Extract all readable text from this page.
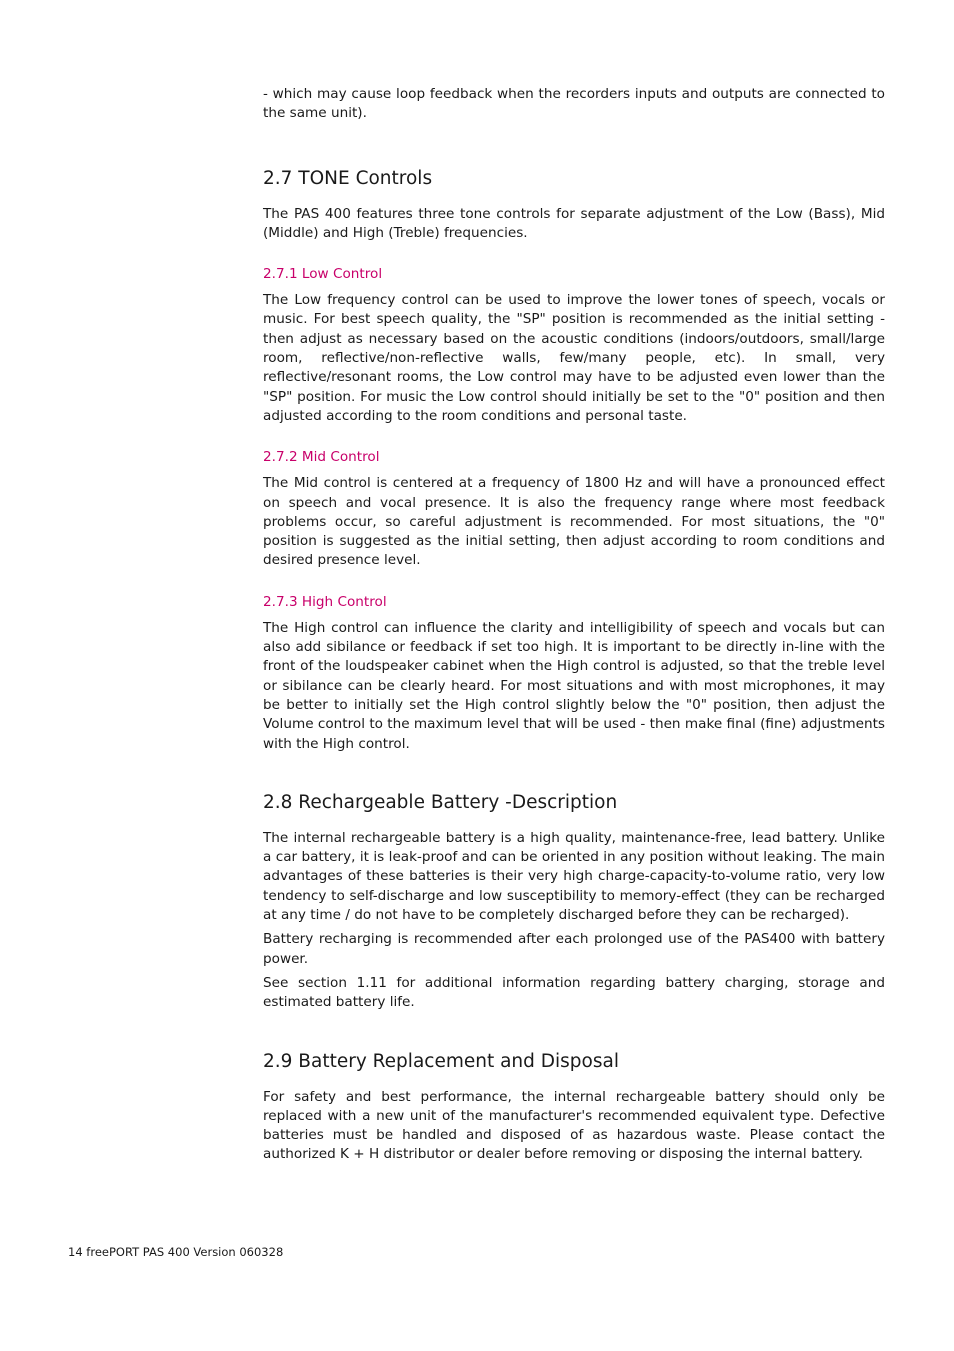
- which may cause loop feedback when the recorders inputs and outputs are connected to the same unit).

2.7 TONE Controls

The PAS 400 features three tone controls for separate adjustment of the Low (Bass), Mid (Middle) and High (Treble) frequencies.

2.7.1 Low Control

The Low frequency control can be used to improve the lower tones of speech, vocals or music. For best speech quality, the "SP" position is recommended as the initial setting - then adjust as necessary based on the acoustic conditions (indoors/outdoors, small/large room, reflective/non-reflective walls, few/many people, etc). In small, very reflective/resonant rooms, the Low control may have to be adjusted even lower than the "SP" position. For music the Low control should initially be set to the "0" position and then adjusted according to the room conditions and personal taste.

2.7.2 Mid Control

The Mid control is centered at a frequency of 1800 Hz and will have a pronounced effect on speech and vocal presence. It is also the frequency range where most feedback problems occur, so careful adjustment is recommended. For most situations, the "0" position is suggested as the initial setting, then adjust according to room conditions and desired presence level.

2.7.3 High Control

The High control can influence the clarity and intelligibility of speech and vocals but can also add sibilance or feedback if set too high. It is important to be directly in-line with the front of the loudspeaker cabinet when the High control is adjusted, so that the treble level or sibilance can be clearly heard. For most situations and with most microphones, it may be better to initially set the High control slightly below the "0" position, then adjust the Volume control to the maximum level that will be used - then make final (fine) adjustments with the High control.

2.8 Rechargeable Battery -Description

The internal rechargeable battery is a high quality, maintenance-free, lead battery. Unlike a car battery, it is leak-proof and can be oriented in any position without leaking. The main advantages of these batteries is their very high charge-capacity-to-volume ratio, very low tendency to self-discharge and low susceptibility to memory-effect (they can be recharged at any time / do not have to be completely discharged before they can be recharged).

Battery recharging is recommended after each prolonged use of the PAS400 with battery power.

See section 1.11 for additional information regarding battery charging, storage and estimated battery life.

2.9 Battery Replacement and Disposal

For safety and best performance, the internal rechargeable battery should only be replaced with a new unit of the manufacturer's recommended equivalent type. Defective batteries must be handled and disposed of as hazardous waste. Please contact the authorized K + H distributor or dealer before removing or disposing the internal battery.

14 freePORT PAS 400 Version 060328
